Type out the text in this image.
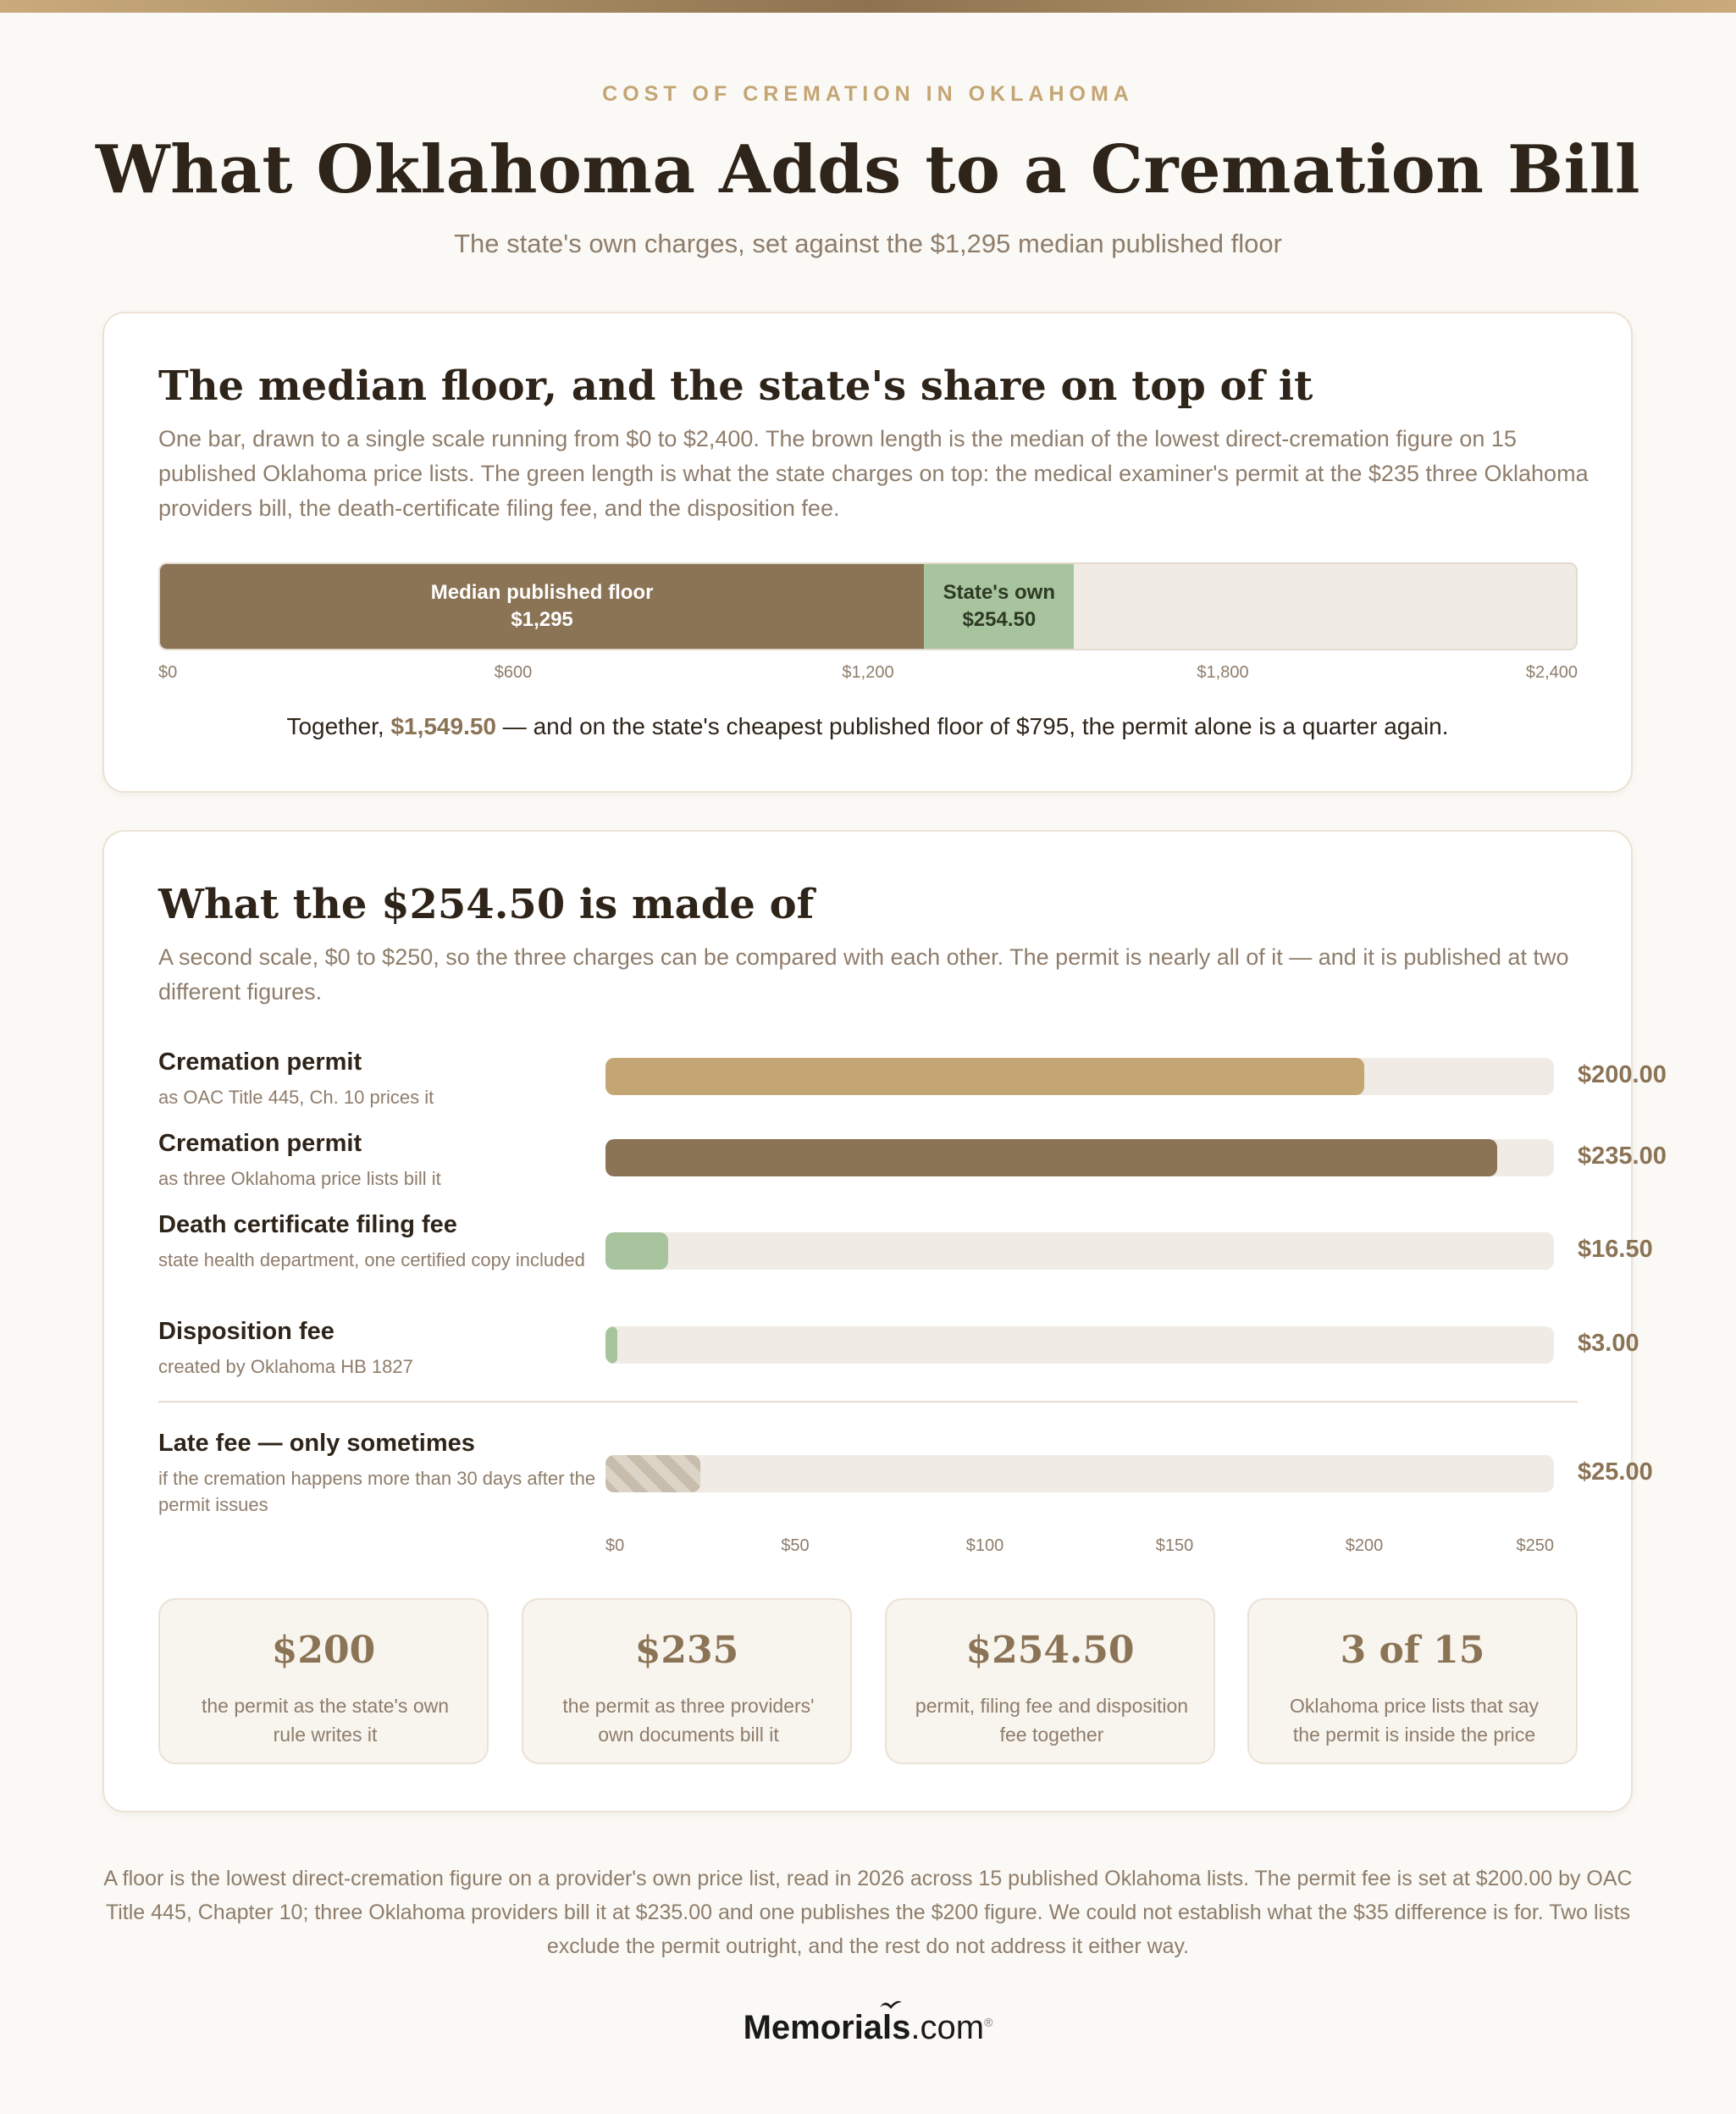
COST OF CREMATION IN OKLAHOMA
What Oklahoma Adds to a Cremation Bill
The state's own charges, set against the $1,295 median published floor
The median floor, and the state's share on top of it

One bar, drawn to a single scale running from $0 to $2,400. The brown length is the median of the lowest direct-cremation figure on 15 published Oklahoma price lists. The green length is what the state charges on top: the medical examiner's permit at the $235 three Oklahoma providers bill, the death-certificate filing fee, and the disposition fee.

Median published floor
$1,295
State's own
$254.50
$0	$600	$1,200	$1,800	$2,400

Together, $1,549.50 — and on the state's cheapest published floor of $795, the permit alone is a quarter again.

What the $254.50 is made of

A second scale, $0 to $250, so the three charges can be compared with each other. The permit is nearly all of it — and it is published at two different figures.

Cremation permit
as OAC Title 445, Ch. 10 prices it
$200.00
Cremation permit
as three Oklahoma price lists bill it
$235.00
Death certificate filing fee
state health department, one certified copy included	$16.50
Disposition fee
created by Oklahoma HB 1827
$3.00
Late fee — only sometimes
if the cremation happens more than 30 days after the permit issues
$25.00
$0	$50	$100	$150	$200	$250
$200
the permit as the state's own rule writes it
$235
the permit as three providers' own documents bill it
$254.50
permit, filing fee and disposition fee together
3 of 15
Oklahoma price lists that say the permit is inside the price

A floor is the lowest direct-cremation figure on a provider's own price list, read in 2026 across 15 published Oklahoma lists. The permit fee is set at $200.00 by OAC Title 445, Chapter 10; three Oklahoma providers bill it at $235.00 and one publishes the $200 figure. We could not establish what the $35 difference is for. Two lists exclude the permit outright, and the rest do not address it either way.

Memorials.com®
